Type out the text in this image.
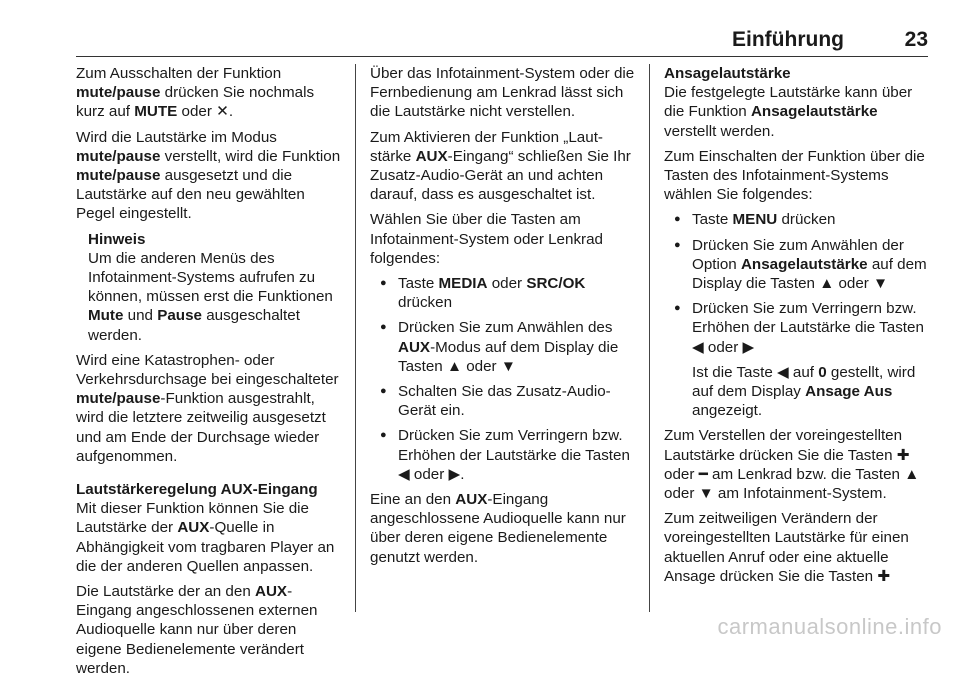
Einführung	23

Zum Ausschalten der Funktion mute/pause drücken Sie nochmals kurz auf MUTE oder ✕.

Wird die Lautstärke im Modus mute/pause verstellt, wird die Funktion mute/pause ausgesetzt und die Lautstärke auf den neu gewählten Pegel eingestellt.

Hinweis
Um die anderen Menüs des Infotainment-Systems aufrufen zu können, müssen erst die Funktionen Mute und Pause ausgeschaltet werden.

Wird eine Katastrophen- oder Verkehrsdurchsage bei eingeschalteter mute/pause-Funktion ausgestrahlt, wird die letztere zeitweilig ausgesetzt und am Ende der Durchsage wieder aufgenommen.

Lautstärkeregelung AUX-Eingang

Mit dieser Funktion können Sie die Lautstärke der AUX-Quelle in Abhängigkeit vom tragbaren Player an die der anderen Quellen anpassen.

Die Lautstärke der an den AUX-Eingang angeschlossenen externen Audioquelle kann nur über deren eigene Bedienelemente verändert werden.

Über das Infotainment-System oder die Fernbedienung am Lenkrad lässt sich die Lautstärke nicht verstellen.

Zum Aktivieren der Funktion „Laut-stärke AUX-Eingang“ schließen Sie Ihr Zusatz-Audio-Gerät an und achten darauf, dass es ausgeschaltet ist.

Wählen Sie über die Tasten am Infotainment-System oder Lenkrad folgendes:

● Taste MEDIA oder SRC/OK drücken
● Drücken Sie zum Anwählen des AUX-Modus auf dem Display die Tasten ▲ oder ▼
● Schalten Sie das Zusatz-Audio-Gerät ein.
● Drücken Sie zum Verringern bzw. Erhöhen der Lautstärke die Tasten ◀ oder ▶.

Eine an den AUX-Eingang angeschlossene Audioquelle kann nur über deren eigene Bedienelemente genutzt werden.

Ansagelautstärke

Die festgelegte Lautstärke kann über die Funktion Ansagelautstärke verstellt werden.

Zum Einschalten der Funktion über die Tasten des Infotainment-Systems wählen Sie folgendes:

● Taste MENU drücken
● Drücken Sie zum Anwählen der Option Ansagelautstärke auf dem Display die Tasten ▲ oder ▼
● Drücken Sie zum Verringern bzw. Erhöhen der Lautstärke die Tasten ◀ oder ▶

Ist die Taste ◀ auf 0 gestellt, wird auf dem Display Ansage Aus angezeigt.

Zum Verstellen der voreingestellten Lautstärke drücken Sie die Tasten ✚ oder ━ am Lenkrad bzw. die Tasten ▲ oder ▼ am Infotainment-System.

Zum zeitweiligen Verändern der voreingestellten Lautstärke für einen aktuellen Anruf oder eine aktuelle Ansage drücken Sie die Tasten ✚

carmanualsonline.info
